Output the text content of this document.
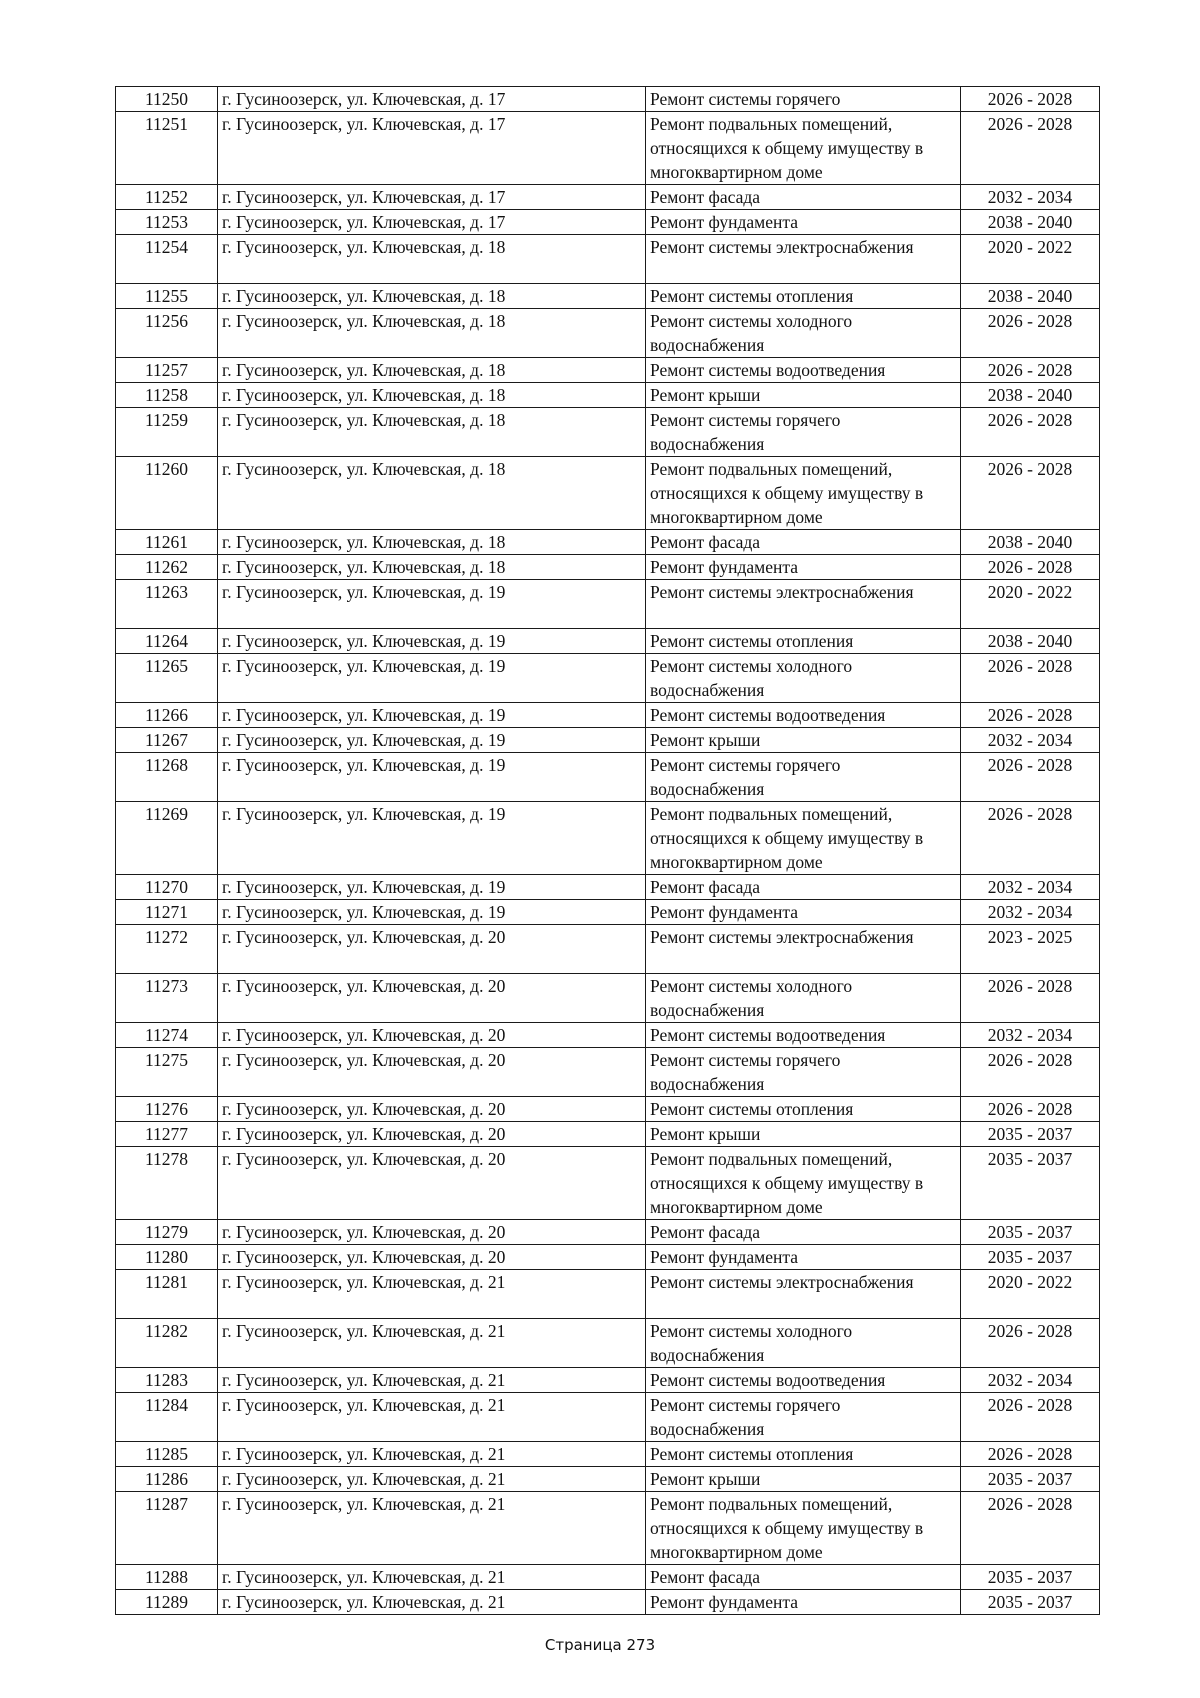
11250	г. Гусиноозерск, ул. Ключевская, д. 17	Ремонт системы горячего	2026 - 2028
11251	г. Гусиноозерск, ул. Ключевская, д. 17	Ремонт подвальных помещений, относящихся к общему имуществу в многоквартирном доме	2026 - 2028
11252	г. Гусиноозерск, ул. Ключевская, д. 17	Ремонт фасада	2032 - 2034
11253	г. Гусиноозерск, ул. Ключевская, д. 17	Ремонт фундамента	2038 - 2040
11254	г. Гусиноозерск, ул. Ключевская, д. 18	Ремонт системы электроснабжения	2020 - 2022
11255	г. Гусиноозерск, ул. Ключевская, д. 18	Ремонт системы отопления	2038 - 2040
11256	г. Гусиноозерск, ул. Ключевская, д. 18	Ремонт системы холодного водоснабжения	2026 - 2028
11257	г. Гусиноозерск, ул. Ключевская, д. 18	Ремонт системы водоотведения	2026 - 2028
11258	г. Гусиноозерск, ул. Ключевская, д. 18	Ремонт крыши	2038 - 2040
11259	г. Гусиноозерск, ул. Ключевская, д. 18	Ремонт системы горячего водоснабжения	2026 - 2028
11260	г. Гусиноозерск, ул. Ключевская, д. 18	Ремонт подвальных помещений, относящихся к общему имуществу в многоквартирном доме	2026 - 2028
11261	г. Гусиноозерск, ул. Ключевская, д. 18	Ремонт фасада	2038 - 2040
11262	г. Гусиноозерск, ул. Ключевская, д. 18	Ремонт фундамента	2026 - 2028
11263	г. Гусиноозерск, ул. Ключевская, д. 19	Ремонт системы электроснабжения	2020 - 2022
11264	г. Гусиноозерск, ул. Ключевская, д. 19	Ремонт системы отопления	2038 - 2040
11265	г. Гусиноозерск, ул. Ключевская, д. 19	Ремонт системы холодного водоснабжения	2026 - 2028
11266	г. Гусиноозерск, ул. Ключевская, д. 19	Ремонт системы водоотведения	2026 - 2028
11267	г. Гусиноозерск, ул. Ключевская, д. 19	Ремонт крыши	2032 - 2034
11268	г. Гусиноозерск, ул. Ключевская, д. 19	Ремонт системы горячего водоснабжения	2026 - 2028
11269	г. Гусиноозерск, ул. Ключевская, д. 19	Ремонт подвальных помещений, относящихся к общему имуществу в многоквартирном доме	2026 - 2028
11270	г. Гусиноозерск, ул. Ключевская, д. 19	Ремонт фасада	2032 - 2034
11271	г. Гусиноозерск, ул. Ключевская, д. 19	Ремонт фундамента	2032 - 2034
11272	г. Гусиноозерск, ул. Ключевская, д. 20	Ремонт системы электроснабжения	2023 - 2025
11273	г. Гусиноозерск, ул. Ключевская, д. 20	Ремонт системы холодного водоснабжения	2026 - 2028
11274	г. Гусиноозерск, ул. Ключевская, д. 20	Ремонт системы водоотведения	2032 - 2034
11275	г. Гусиноозерск, ул. Ключевская, д. 20	Ремонт системы горячего водоснабжения	2026 - 2028
11276	г. Гусиноозерск, ул. Ключевская, д. 20	Ремонт системы отопления	2026 - 2028
11277	г. Гусиноозерск, ул. Ключевская, д. 20	Ремонт крыши	2035 - 2037
11278	г. Гусиноозерск, ул. Ключевская, д. 20	Ремонт подвальных помещений, относящихся к общему имуществу в многоквартирном доме	2035 - 2037
11279	г. Гусиноозерск, ул. Ключевская, д. 20	Ремонт фасада	2035 - 2037
11280	г. Гусиноозерск, ул. Ключевская, д. 20	Ремонт фундамента	2035 - 2037
11281	г. Гусиноозерск, ул. Ключевская, д. 21	Ремонт системы электроснабжения	2020 - 2022
11282	г. Гусиноозерск, ул. Ключевская, д. 21	Ремонт системы холодного водоснабжения	2026 - 2028
11283	г. Гусиноозерск, ул. Ключевская, д. 21	Ремонт системы водоотведения	2032 - 2034
11284	г. Гусиноозерск, ул. Ключевская, д. 21	Ремонт системы горячего водоснабжения	2026 - 2028
11285	г. Гусиноозерск, ул. Ключевская, д. 21	Ремонт системы отопления	2026 - 2028
11286	г. Гусиноозерск, ул. Ключевская, д. 21	Ремонт крыши	2035 - 2037
11287	г. Гусиноозерск, ул. Ключевская, д. 21	Ремонт подвальных помещений, относящихся к общему имуществу в многоквартирном доме	2026 - 2028
11288	г. Гусиноозерск, ул. Ключевская, д. 21	Ремонт фасада	2035 - 2037
11289	г. Гусиноозерск, ул. Ключевская, д. 21	Ремонт фундамента	2035 - 2037
Страница 273
